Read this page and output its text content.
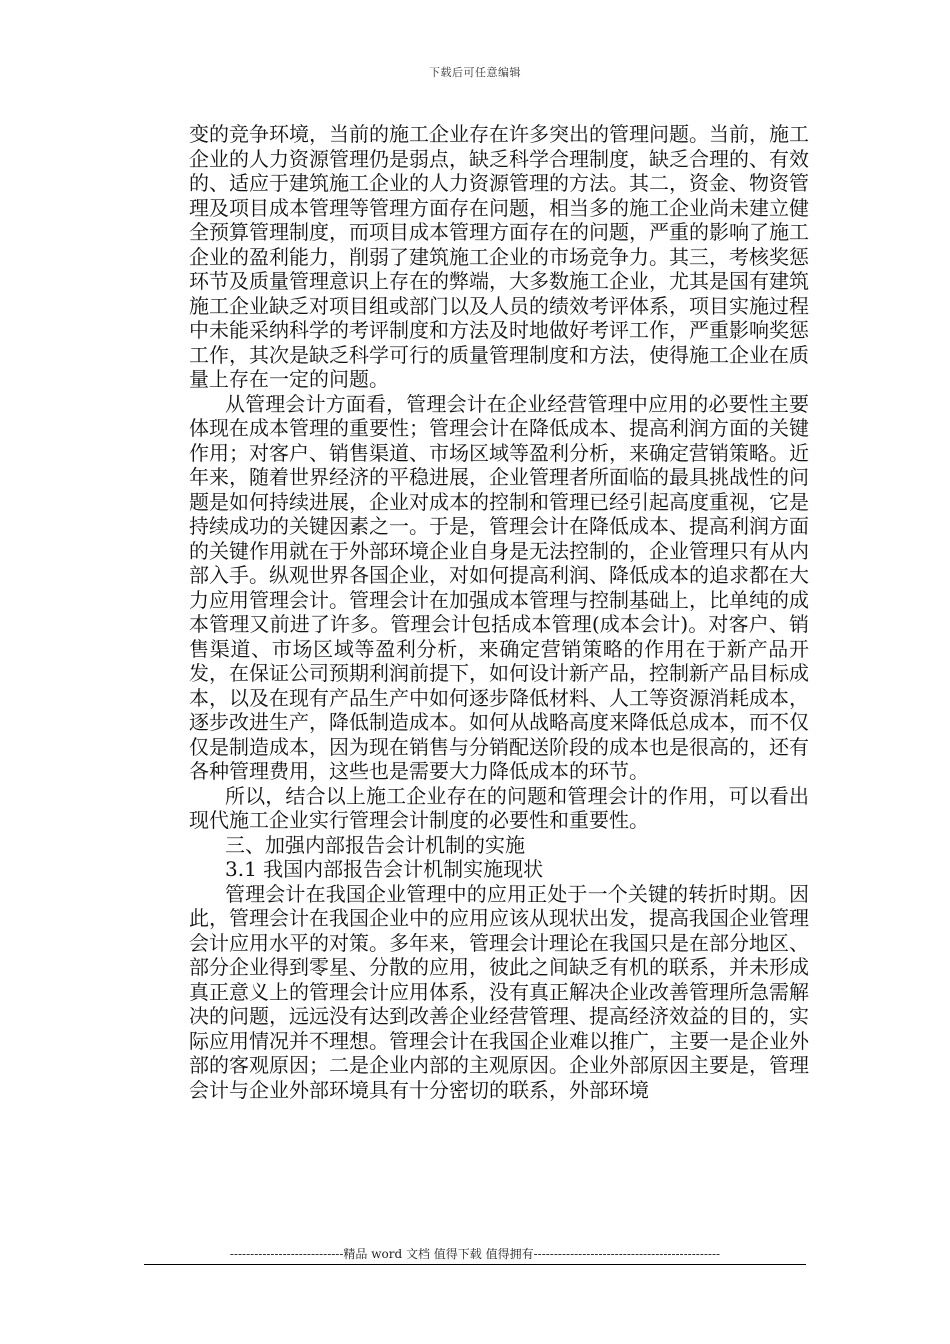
下载后可任意编辑

变的竞争环境，当前的施工企业存在许多突出的管理问题。当前，施工企业的人力资源管理仍是弱点，缺乏科学合理制度，缺乏合理的、有效的、适应于建筑施工企业的人力资源管理的方法。其二，资金、物资管理及项目成本管理等管理方面存在问题，相当多的施工企业尚未建立健全预算管理制度，而项目成本管理方面存在的问题，严重的影响了施工企业的盈利能力，削弱了建筑施工企业的市场竞争力。其三，考核奖惩环节及质量管理意识上存在的弊端，大多数施工企业，尤其是国有建筑施工企业缺乏对项目组或部门以及人员的绩效考评体系，项目实施过程中未能采纳科学的考评制度和方法及时地做好考评工作，严重影响奖惩工作，其次是缺乏科学可行的质量管理制度和方法，使得施工企业在质量上存在一定的问题。

从管理会计方面看，管理会计在企业经营管理中应用的必要性主要体现在成本管理的重要性；管理会计在降低成本、提高利润方面的关键作用；对客户、销售渠道、市场区域等盈利分析，来确定营销策略。近年来，随着世界经济的平稳进展，企业管理者所面临的最具挑战性的问题是如何持续进展，企业对成本的控制和管理已经引起高度重视，它是持续成功的关键因素之一。于是，管理会计在降低成本、提高利润方面的关键作用就在于外部环境企业自身是无法控制的，企业管理只有从内部入手。纵观世界各国企业，对如何提高利润、降低成本的追求都在大力应用管理会计。管理会计在加强成本管理与控制基础上，比单纯的成本管理又前进了许多。管理会计包括成本管理(成本会计)。对客户、销售渠道、市场区域等盈利分析，来确定营销策略的作用在于新产品开发，在保证公司预期利润前提下，如何设计新产品，控制新产品目标成本，以及在现有产品生产中如何逐步降低材料、人工等资源消耗成本，逐步改进生产，降低制造成本。如何从战略高度来降低总成本，而不仅仅是制造成本，因为现在销售与分销配送阶段的成本也是很高的，还有各种管理费用，这些也是需要大力降低成本的环节。

所以，结合以上施工企业存在的问题和管理会计的作用，可以看出现代施工企业实行管理会计制度的必要性和重要性。

三、加强内部报告会计机制的实施

3.1 我国内部报告会计机制实施现状

管理会计在我国企业管理中的应用正处于一个关键的转折时期。因此，管理会计在我国企业中的应用应该从现状出发，提高我国企业管理会计应用水平的对策。多年来，管理会计理论在我国只是在部分地区、部分企业得到零星、分散的应用，彼此之间缺乏有机的联系，并未形成真正意义上的管理会计应用体系，没有真正解决企业改善管理所急需解决的问题，远远没有达到改善企业经营管理、提高经济效益的目的，实际应用情况并不理想。管理会计在我国企业难以推广，主要一是企业外部的客观原因；二是企业内部的主观原因。企业外部原因主要是，管理会计与企业外部环境具有十分密切的联系，外部环境

----------------------------精品 word 文档 值得下载 值得拥有----------------------------------------------
